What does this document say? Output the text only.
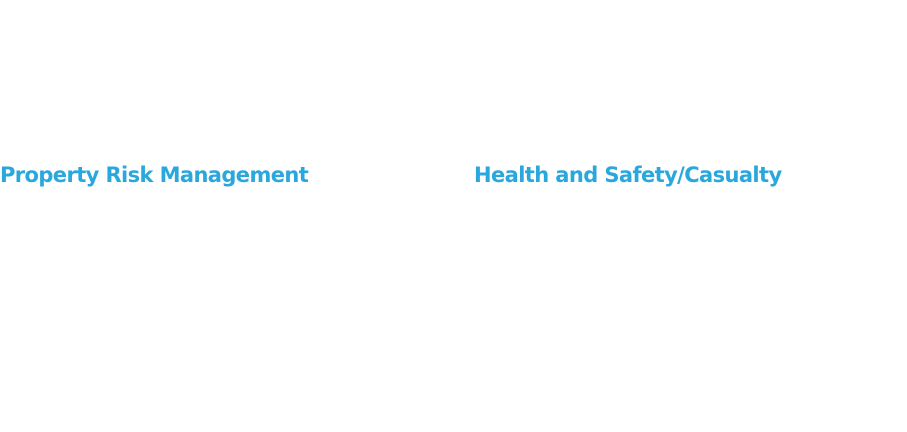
Property Risk Management	Health and Safety/Casualty
